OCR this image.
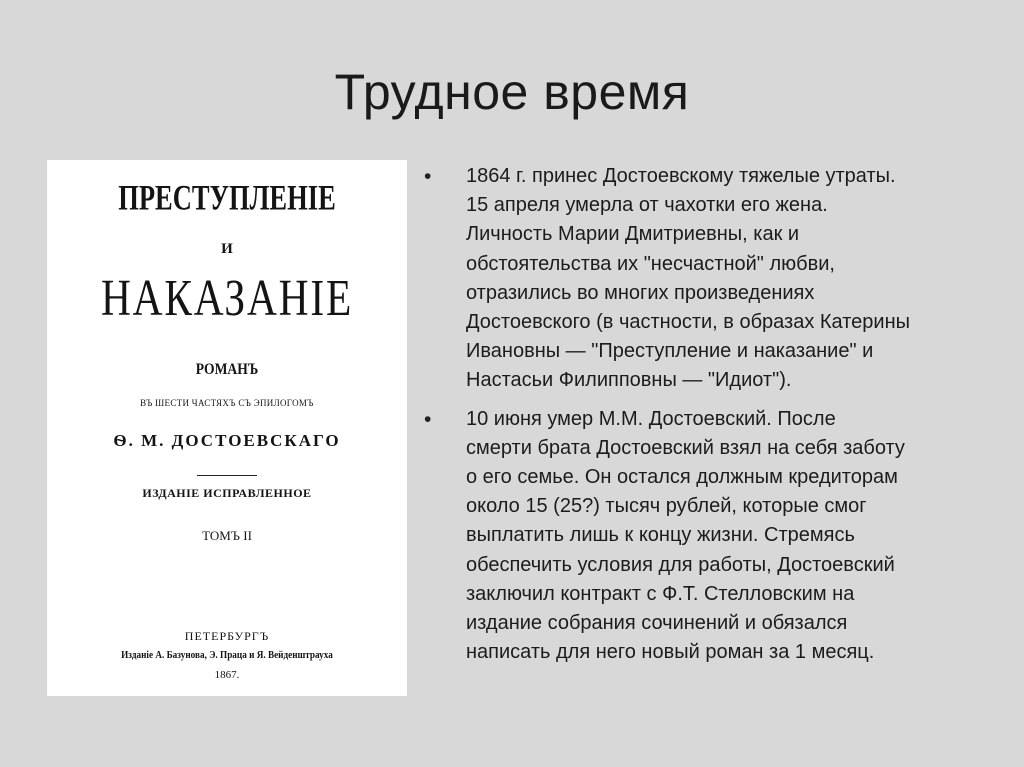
Трудное время
ПРЕСТУПЛЕНІЕ
И
НАКАЗАНІЕ
РОМАНЪ
ВЪ ШЕСТИ ЧАСТЯХЪ СЪ ЭПИЛОГОМЪ
Ѳ. М. ДОСТОЕВСКАГО
ИЗДАНІЕ ИСПРАВЛЕННОЕ
ТОМЪ II
ПЕТЕРБУРГЪ
Изданіе А. Базунова, Э. Праца и Я. Вейденштрауха
1867.
• 1864 г. принес Достоевскому тяжелые утраты.
15 апреля умерла от чахотки его жена.
Личность Марии Дмитриевны, как и
обстоятельства их "несчастной" любви,
отразились во многих произведениях
Достоевского (в частности, в образах Катерины
Ивановны — "Преступление и наказание" и
Настасьи Филипповны — "Идиот").
• 10 июня умер М.М. Достоевский. После
смерти брата Достоевский взял на себя заботу
о его семье. Он остался должным кредиторам
около 15 (25?) тысяч рублей, которые смог
выплатить лишь к концу жизни. Стремясь
обеспечить условия для работы, Достоевский
заключил контракт с Ф.Т. Стелловским на
издание собрания сочинений и обязался
написать для него новый роман за 1 месяц.
